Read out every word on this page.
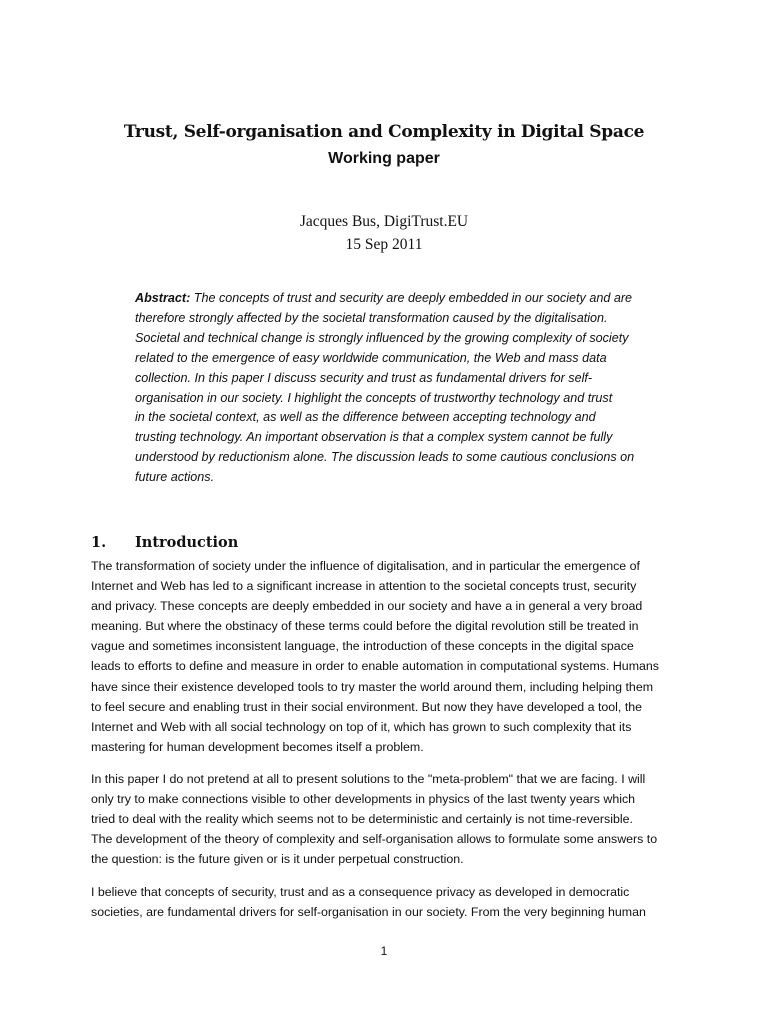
Trust, Self-organisation and Complexity in Digital Space
Working paper
Jacques Bus, DigiTrust.EU
15 Sep 2011
Abstract: The concepts of trust and security are deeply embedded in our society and are
therefore strongly affected by the societal transformation caused by the digitalisation.
Societal and technical change is strongly influenced by the growing complexity of society
related to the emergence of easy worldwide communication, the Web and mass data
collection. In this paper I discuss security and trust as fundamental drivers for self-
organisation in our society. I highlight the concepts of trustworthy technology and trust
in the societal context, as well as the difference between accepting technology and
trusting technology. An important observation is that a complex system cannot be fully
understood by reductionism alone. The discussion leads to some cautious conclusions on
future actions.
1. Introduction
The transformation of society under the influence of digitalisation, and in particular the emergence of
Internet and Web has led to a significant increase in attention to the societal concepts trust, security
and privacy. These concepts are deeply embedded in our society and have a in general a very broad
meaning. But where the obstinacy of these terms could before the digital revolution still be treated in
vague and sometimes inconsistent language, the introduction of these concepts in the digital space
leads to efforts to define and measure in order to enable automation in computational systems. Humans
have since their existence developed tools to try master the world around them, including helping them
to feel secure and enabling trust in their social environment. But now they have developed a tool, the
Internet and Web with all social technology on top of it, which has grown to such complexity that its
mastering for human development becomes itself a problem.
In this paper I do not pretend at all to present solutions to the "meta-problem" that we are facing. I will
only try to make connections visible to other developments in physics of the last twenty years which
tried to deal with the reality which seems not to be deterministic and certainly is not time-reversible.
The development of the theory of complexity and self-organisation allows to formulate some answers to
the question: is the future given or is it under perpetual construction.
I believe that concepts of security, trust and as a consequence privacy as developed in democratic
societies, are fundamental drivers for self-organisation in our society. From the very beginning human
1
